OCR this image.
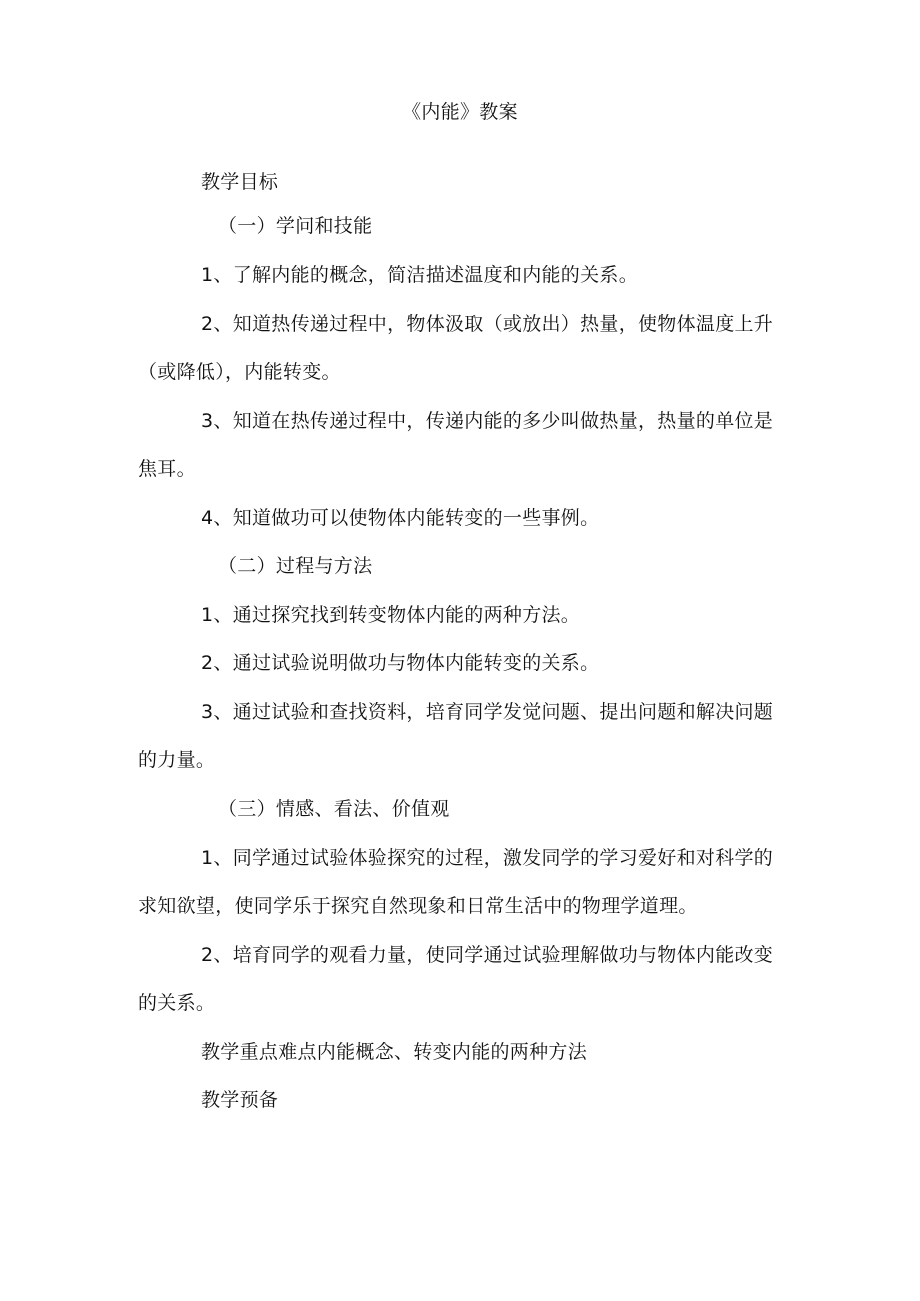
《内能》教案
教学目标
（一）学问和技能
1、了解内能的概念，简洁描述温度和内能的关系。
2、知道热传递过程中，物体汲取（或放出）热量，使物体温度上升
（或降低），内能转变。
3、知道在热传递过程中，传递内能的多少叫做热量，热量的单位是
焦耳。
4、知道做功可以使物体内能转变的一些事例。
（二）过程与方法
1、通过探究找到转变物体内能的两种方法。
2、通过试验说明做功与物体内能转变的关系。
3、通过试验和查找资料，培育同学发觉问题、提出问题和解决问题
的力量。
（三）情感、看法、价值观
1、同学通过试验体验探究的过程，激发同学的学习爱好和对科学的
求知欲望，使同学乐于探究自然现象和日常生活中的物理学道理。
2、培育同学的观看力量，使同学通过试验理解做功与物体内能改变
的关系。
教学重点难点内能概念、转变内能的两种方法
教学预备
